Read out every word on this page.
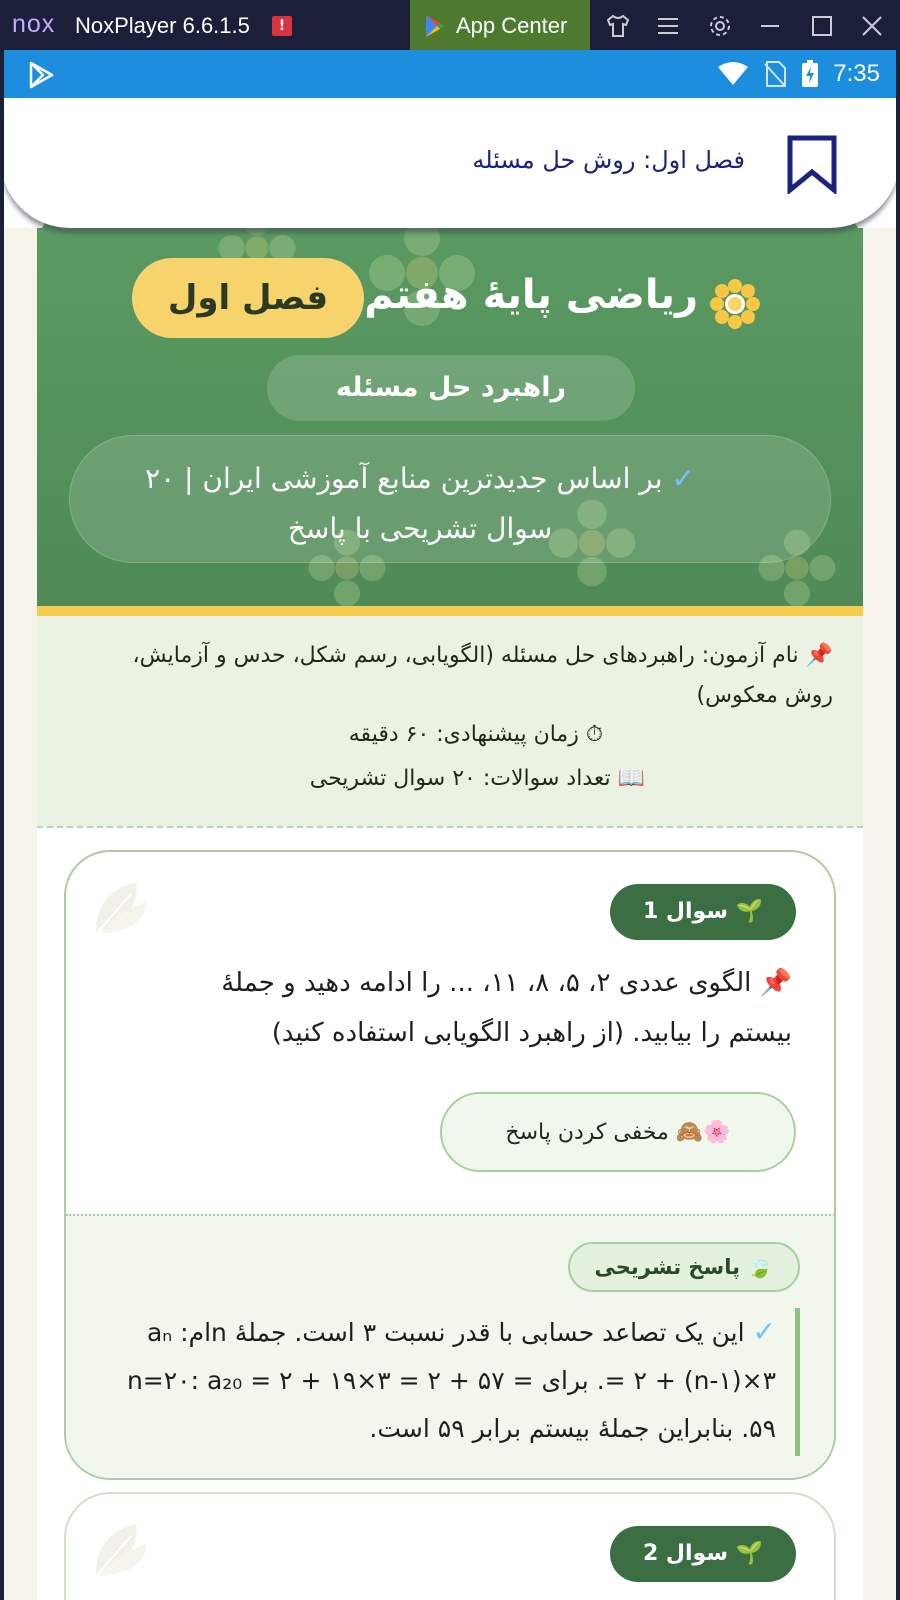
nox NoxPlayer 6.6.1.5	!	App Center
7:35
فصل اول: روش حل مسئله
فصل اول ریاضی پایهٔ هفتم
راهبرد حل مسئله
✓ بر اساس جدیدترین منابع آموزشی ایران | ۲۰ سوال تشریحی با پاسخ
📌 نام آزمون: راهبردهای حل مسئله (الگویابی، رسم شکل، حدس و آزمایش، روش معکوس)
⏱ زمان پیشنهادی: ۶۰ دقیقه
📖 تعداد سوالات: ۲۰ سوال تشریحی
🌱 سوال 1
📌 الگوی عددی ۲، ۵، ۸، ۱۱، ... را ادامه دهید و جملهٔ بیستم را بیابید. (از راهبرد الگویابی استفاده کنید)
🌸🙈 مخفی کردن پاسخ
🍃 پاسخ تشریحی
✓ این یک تصاعد حسابی با قدر نسبت ۳ است. جملهٔ nام: aₙ = ۲ + (n-۱)×۳. برای n=۲۰: a₂₀ = ۲ + ۱۹×۳ = ۲ + ۵۷ = ۵۹. بنابراین جملهٔ بیستم برابر ۵۹ است.
🌱 سوال 2
